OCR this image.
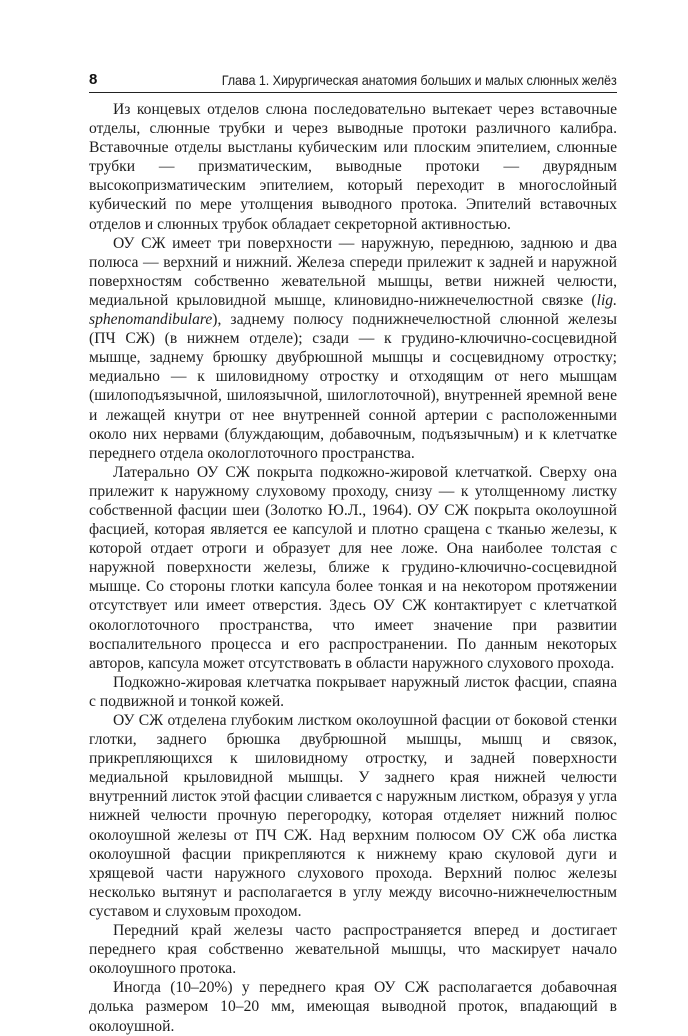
8	Глава 1. Хирургическая анатомия больших и малых слюнных желёз

Из концевых отделов слюна последовательно вытекает через вставочные отделы, слюнные трубки и через выводные протоки различного калибра. Вставочные отделы выстланы кубическим или плоским эпителием, слюнные трубки — призматическим, выводные протоки — двурядным высокопризматическим эпителием, который переходит в многослойный кубический по мере утолщения выводного протока. Эпителий вставочных отделов и слюнных трубок обладает секреторной активностью.

ОУ СЖ имеет три поверхности — наружную, переднюю, заднюю и два полюса — верхний и нижний. Железа спереди прилежит к задней и наружной поверхностям собственно жевательной мышцы, ветви нижней челюсти, медиальной крыловидной мышце, клиновидно-нижнечелюстной связке (lig. sphenomandibulare), заднему полюсу поднижнечелюстной слюнной железы (ПЧ СЖ) (в нижнем отделе); сзади — к грудино-ключично-сосцевидной мышце, заднему брюшку двубрюшной мышцы и сосцевидному отростку; медиально — к шиловидному отростку и отходящим от него мышцам (шилоподъязычной, шилоязычной, шилоглоточной), внутренней яремной вене и лежащей кнутри от нее внутренней сонной артерии с расположенными около них нервами (блуждающим, добавочным, подъязычным) и к клетчатке переднего отдела окологлоточного пространства.

Латерально ОУ СЖ покрыта подкожно-жировой клетчаткой. Сверху она прилежит к наружному слуховому проходу, снизу — к утолщенному листку собственной фасции шеи (Золотко Ю.Л., 1964). ОУ СЖ покрыта околоушной фасцией, которая является ее капсулой и плотно сращена с тканью железы, к которой отдает отроги и образует для нее ложе. Она наиболее толстая с наружной поверхности железы, ближе к грудино-ключично-сосцевидной мышце. Со стороны глотки капсула более тонкая и на некотором протяжении отсутствует или имеет отверстия. Здесь ОУ СЖ контактирует с клетчаткой окологлоточного пространства, что имеет значение при развитии воспалительного процесса и его распространении. По данным некоторых авторов, капсула может отсутствовать в области наружного слухового прохода.

Подкожно-жировая клетчатка покрывает наружный листок фасции, спаяна с подвижной и тонкой кожей.

ОУ СЖ отделена глубоким листком околоушной фасции от боковой стенки глотки, заднего брюшка двубрюшной мышцы, мышц и связок, прикрепляющихся к шиловидному отростку, и задней поверхности медиальной крыловидной мышцы. У заднего края нижней челюсти внутренний листок этой фасции сливается с наружным листком, образуя у угла нижней челюсти прочную перегородку, которая отделяет нижний полюс околоушной железы от ПЧ СЖ. Над верхним полюсом ОУ СЖ оба листка околоушной фасции прикрепляются к нижнему краю скуловой дуги и хрящевой части наружного слухового прохода. Верхний полюс железы несколько вытянут и располагается в углу между височно-нижнечелюстным суставом и слуховым проходом.

Передний край железы часто распространяется вперед и достигает переднего края собственно жевательной мышцы, что маскирует начало околоушного протока.

Иногда (10–20%) у переднего края ОУ СЖ располагается добавочная долька размером 10–20 мм, имеющая выводной проток, впадающий в околоушной.
